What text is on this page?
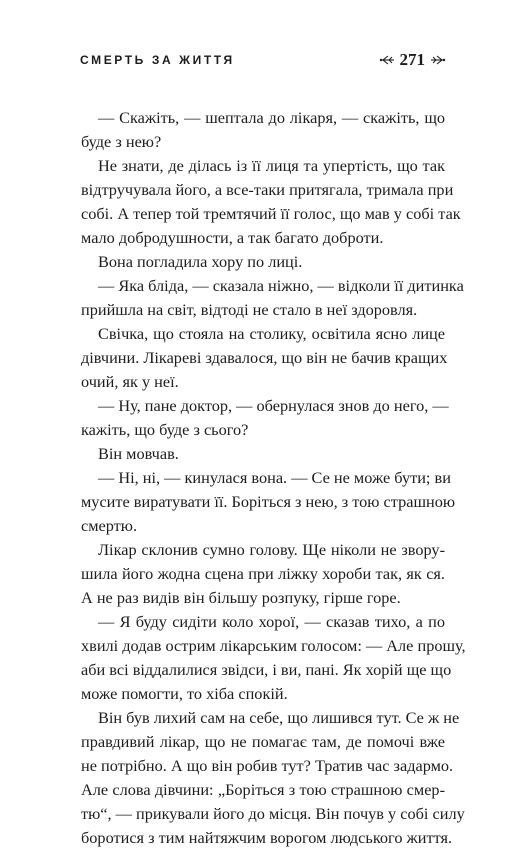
СМЕРТЬ ЗА ЖИТТЯ	271
— Скажіть, — шептала до лікаря, — скажіть, що
буде з нею?
Не знати, де ділась із її лиця та упертість, що так
відтручувала його, а все-таки притягала, тримала при
собі. А тепер той тремтячий її голос, що мав у собі так
мало добродушности, а так багато доброти.
Вона погладила хору по лиці.
— Яка бліда, — сказала ніжно, — відколи її дитинка
прийшла на світ, відтоді не стало в неї здоровля.
Свічка, що стояла на столику, освітила ясно лице
дівчини. Лікареві здавалося, що він не бачив кращих
очий, як у неї.
— Ну, пане доктор, — обернулася знов до него, —
кажіть, що буде з сього?
Він мовчав.
— Ні, ні, — кинулася вона. — Се не може бути; ви
мусите виратувати її. Боріться з нею, з тою страшною
смертю.
Лікар склонив сумно голову. Ще ніколи не звору-
шила його жодна сцена при ліжку хороби так, як ся.
А не раз видів він більшу розпуку, гірше горе.
— Я буду сидіти коло хорої, — сказав тихо, а по
хвилі додав острим лікарським голосом: — Але прошу,
аби всі віддалилися звідси, і ви, пані. Як хорій ще що
може помогти, то хіба спокій.
Він був лихий сам на себе, що лишився тут. Се ж не
правдивий лікар, що не помагає там, де помочі вже
не потрібно. А що він робив тут? Тратив час задармо.
Але слова дівчини: „Боріться з тою страшною смер-
тю“, — прикували його до місця. Він почув у собі силу
боротися з тим найтяжчим ворогом людського життя.
